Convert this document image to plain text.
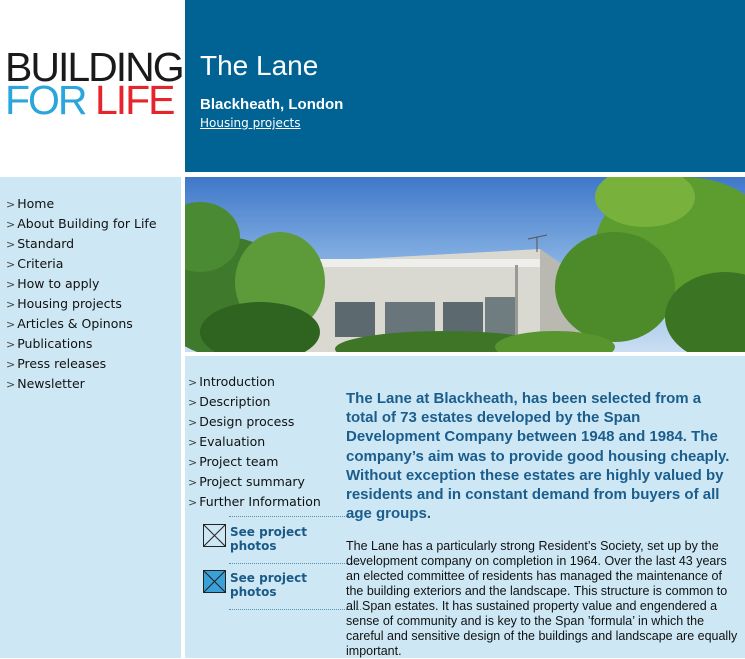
BUILDING
FOR LIFE
The Lane
Blackheath, London
Housing projects
> Home
> About Building for Life
> Standard
> Criteria
> How to apply
> Housing projects
> Articles & Opinons
> Publications
> Press releases
> Newsletter	> Introduction
> Description
> Design process
> Evaluation
> Project team
> Project summary
> Further Information
See project photos
See project photos
The Lane at Blackheath, has been selected from a total of 73 estates developed by the Span Development Company between 1948 and 1984. The company’s aim was to provide good housing cheaply. Without exception these estates are highly valued by residents and in constant demand from buyers of all age groups.
The Lane has a particularly strong Resident’s Society, set up by the development company on completion in 1964. Over the last 43 years an elected committee of residents has managed the maintenance of the building exteriors and the landscape. This structure is common to all Span estates. It has sustained property value and engendered a sense of community and is key to the Span ’formula’ in which the careful and sensitive design of the buildings and landscape are equally important.
